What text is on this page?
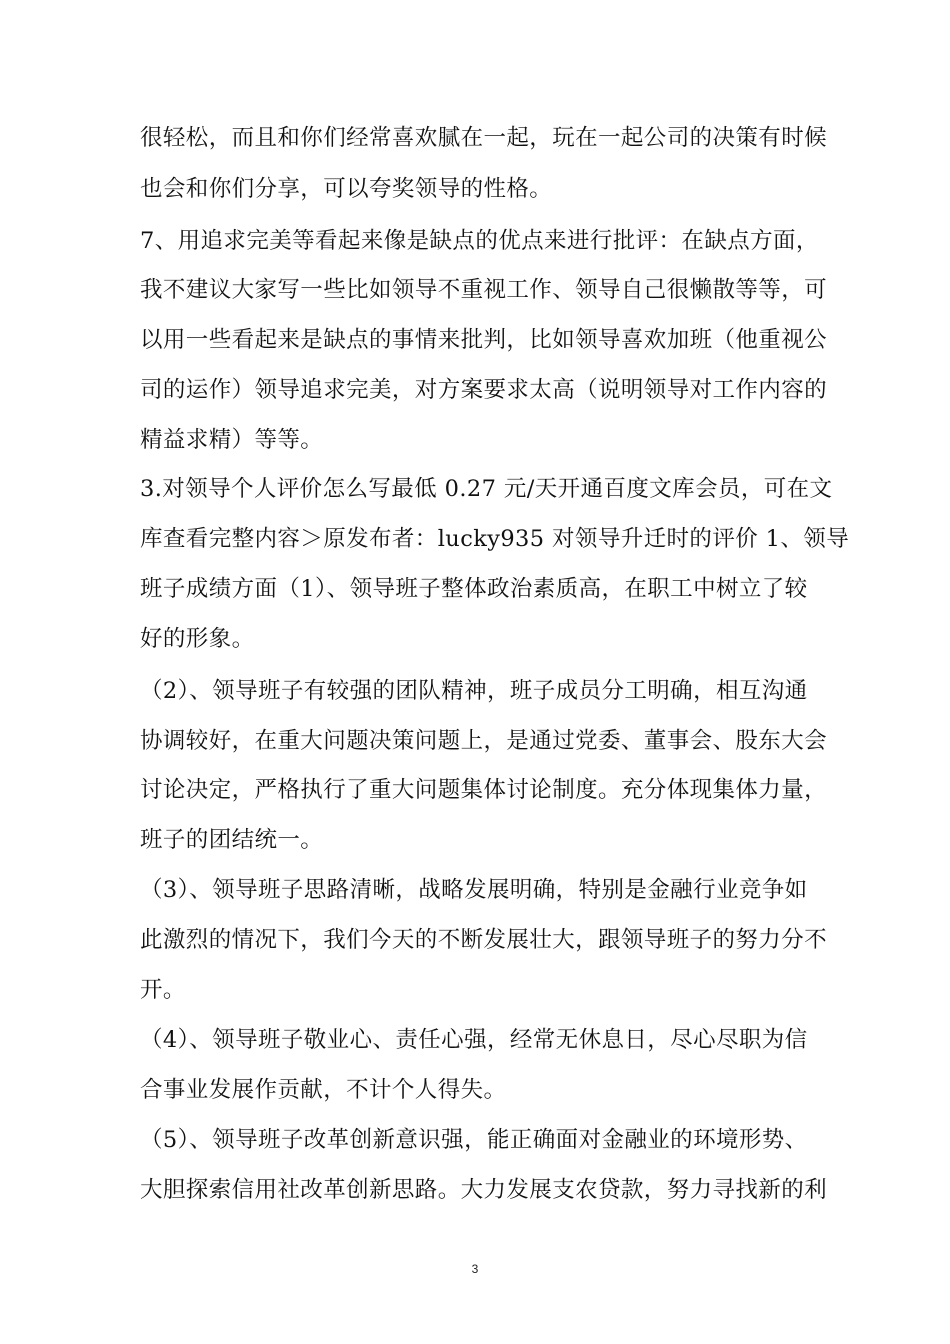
很轻松，而且和你们经常喜欢腻在一起，玩在一起公司的决策有时候
也会和你们分享，可以夸奖领导的性格。
7、用追求完美等看起来像是缺点的优点来进行批评：在缺点方面，
我不建议大家写一些比如领导不重视工作、领导自己很懒散等等，可
以用一些看起来是缺点的事情来批判，比如领导喜欢加班（他重视公
司的运作）领导追求完美，对方案要求太高（说明领导对工作内容的
精益求精）等等。
3.对领导个人评价怎么写最低 0.27 元/天开通百度文库会员，可在文
库查看完整内容＞原发布者：lucky935 对领导升迁时的评价 1、领导
班子成绩方面（1）、领导班子整体政治素质高，在职工中树立了较
好的形象。
（2）、领导班子有较强的团队精神，班子成员分工明确，相互沟通
协调较好，在重大问题决策问题上，是通过党委、董事会、股东大会
讨论决定，严格执行了重大问题集体讨论制度。充分体现集体力量，
班子的团结统一。
（3）、领导班子思路清晰，战略发展明确，特别是金融行业竞争如
此激烈的情况下，我们今天的不断发展壮大，跟领导班子的努力分不
开。
（4）、领导班子敬业心、责任心强，经常无休息日，尽心尽职为信
合事业发展作贡献，不计个人得失。
（5）、领导班子改革创新意识强，能正确面对金融业的环境形势、
大胆探索信用社改革创新思路。大力发展支农贷款，努力寻找新的利
3
